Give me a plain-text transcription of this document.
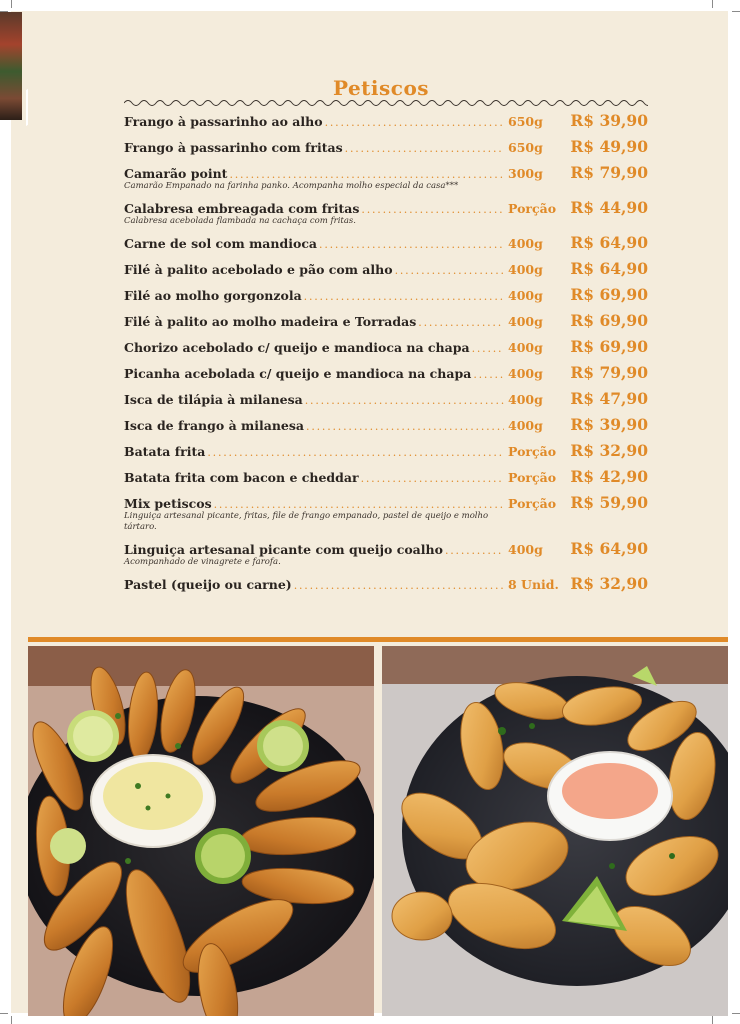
Petiscos
Frango à passarinho ao alho .....	650g	R$ 39,90
Frango à passarinho com fritas .....	650g	R$ 49,90
Camarão point .....	300g	R$ 79,90
Camarão Empanado na farinha panko. Acompanha molho especial da casa***
Calabresa embreagada com fritas .....	Porção R$ 44,90
Calabresa acebolada flambada na cachaça com fritas.
Carne de sol com mandioca .....	400g	R$ 64,90
Filé à palito acebolado e pão com alho .....	400g	R$ 64,90
Filé ao molho gorgonzola .....	400g	R$ 69,90
Filé à palito ao molho madeira e Torradas .....	400g	R$ 69,90
Chorizo acebolado c/ queijo e mandioca na chapa .....	400g	R$ 69,90
Picanha acebolada c/ queijo e mandioca na chapa .....	400g	R$ 79,90
Isca de tilápia à milanesa .....	400g	R$ 47,90
Isca de frango à milanesa .....	400g	R$ 39,90
Batata frita .....	Porção R$ 32,90
Batata frita com bacon e cheddar .....	Porção R$ 42,90
Mix petiscos .....	Porção R$ 59,90
Linguiça artesanal picante, fritas, file de frango empanado, pastel de queijo e molho tártaro.
Linguiça artesanal picante com queijo coalho .....	400g	R$ 64,90
Acompanhado de vinagrete e farofa.
Pastel (queijo ou carne) .....	8 Unid. R$ 32,90
